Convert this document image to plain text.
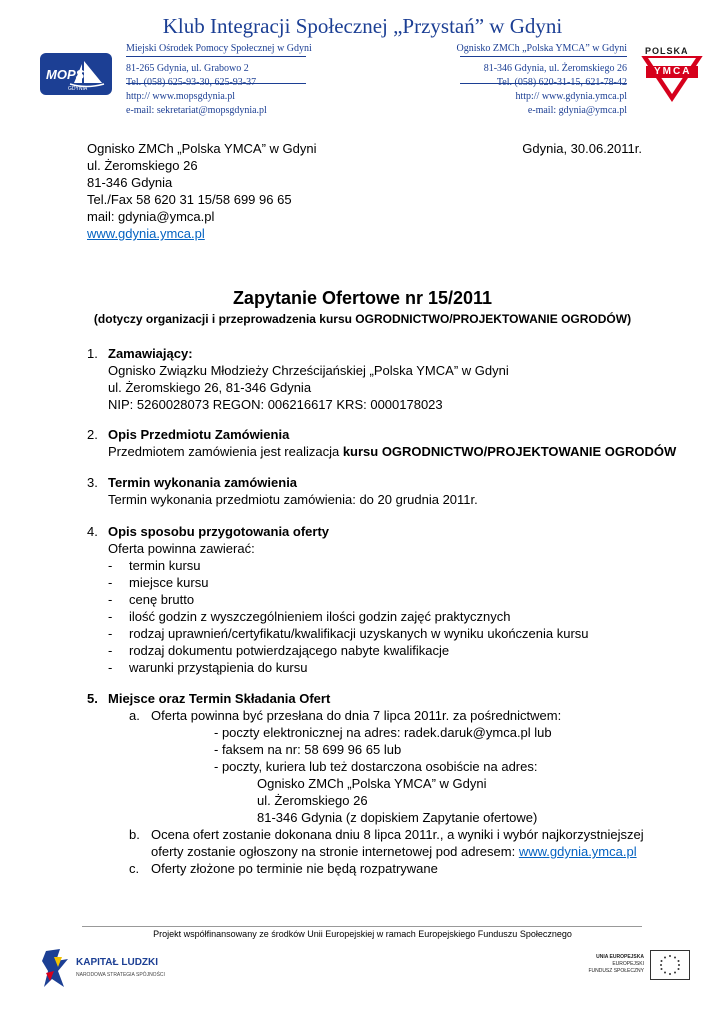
Klub Integracji Społecznej „Przystań” w Gdyni
MOPS
GDYNIA
Miejski Ośrodek Pomocy Społecznej w Gdyni
81-265 Gdynia, ul. Grabowo 2
http:// www.mopsgdynia.pl
e-mail: sekretariat@mopsgdynia.pl
Ognisko ZMCh „Polska YMCA” w Gdyni
81-346 Gdynia, ul. Żeromskiego 26
http:// www.gdynia.ymca.pl
e-mail: gdynia@ymca.pl
POLSKA
YMCA
Ognisko ZMCh „Polska YMCA” w Gdyni
ul. Żeromskiego 26
81-346 Gdynia
Tel./Fax 58 620 31 15/58 699 96 65
mail: gdynia@ymca.pl
www.gdynia.ymca.pl
Gdynia, 30.06.2011r.
Zapytanie Ofertowe nr 15/2011
(dotyczy organizacji i przeprowadzenia kursu OGRODNICTWO/PROJEKTOWANIE OGRODÓW)
1. Zamawiający:
Ognisko Związku Młodzieży Chrześcijańskiej „Polska YMCA” w Gdyni
ul. Żeromskiego 26, 81-346 Gdynia
NIP: 5260028073 REGON: 006216617 KRS: 0000178023
2. Opis Przedmiotu Zamówienia
Przedmiotem zamówienia jest realizacja kursu OGRODNICTWO/PROJEKTOWANIE OGRODÓW
3. Termin wykonania zamówienia
Termin wykonania przedmiotu zamówienia: do 20 grudnia 2011r.
4. Opis sposobu przygotowania oferty
Oferta powinna zawierać:
- termin kursu
- miejsce kursu
- cenę brutto
- ilość godzin z wyszczególnieniem ilości godzin zajęć praktycznych
- rodzaj uprawnień/certyfikatu/kwalifikacji uzyskanych w wyniku ukończenia kursu
- rodzaj dokumentu potwierdzającego nabyte kwalifikacje
- warunki przystąpienia do kursu
5. Miejsce oraz Termin Składania Ofert
a. Oferta powinna być przesłana do dnia 7 lipca 2011r. za pośrednictwem:
- poczty elektronicznej na adres: radek.daruk@ymca.pl lub
- faksem na nr: 58 699 96 65 lub
- poczty, kuriera lub też dostarczona osobiście na adres:
Ognisko ZMCh „Polska YMCA” w Gdyni
ul. Żeromskiego 26
81-346 Gdynia (z dopiskiem Zapytanie ofertowe)
b. Ocena ofert zostanie dokonana dniu 8 lipca 2011r., a wyniki i wybór najkorzystniejszej
oferty zostanie ogłoszony na stronie internetowej pod adresem: www.gdynia.ymca.pl
c. Oferty złożone po terminie nie będą rozpatrywane
Projekt współfinansowany ze środków Unii Europejskiej w ramach Europejskiego Funduszu Społecznego
KAPITAŁ LUDZKI
NARODOWA STRATEGIA SPÓJNOŚCI
UNIA EUROPEJSKA
EUROPEJSKI
FUNDUSZ SPOŁECZNY
